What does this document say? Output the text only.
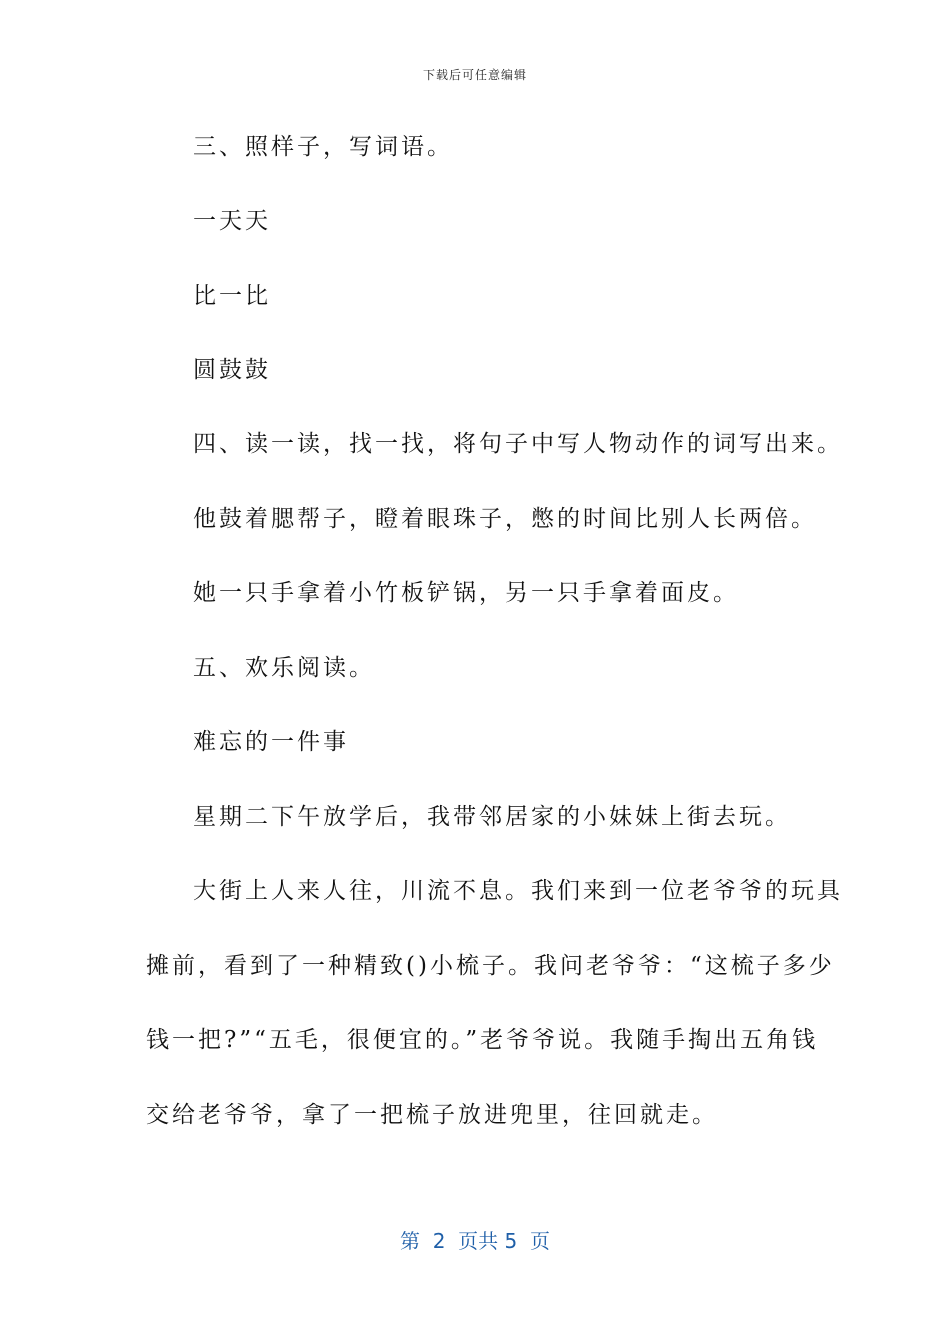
下载后可任意编辑
三、照样子，写词语。
一天天
比一比
圆鼓鼓
四、读一读，找一找，将句子中写人物动作的词写出来。
他鼓着腮帮子，瞪着眼珠子，憋的时间比别人长两倍。
她一只手拿着小竹板铲锅，另一只手拿着面皮。
五、欢乐阅读。
难忘的一件事
星期二下午放学后，我带邻居家的小妹妹上街去玩。
大街上人来人往，川流不息。我们来到一位老爷爷的玩具
摊前，看到了一种精致()小梳子。我问老爷爷：“这梳子多少
钱一把?”“五毛，很便宜的。”老爷爷说。我随手掏出五角钱
交给老爷爷，拿了一把梳子放进兜里，往回就走。
第 2 页共 5 页
